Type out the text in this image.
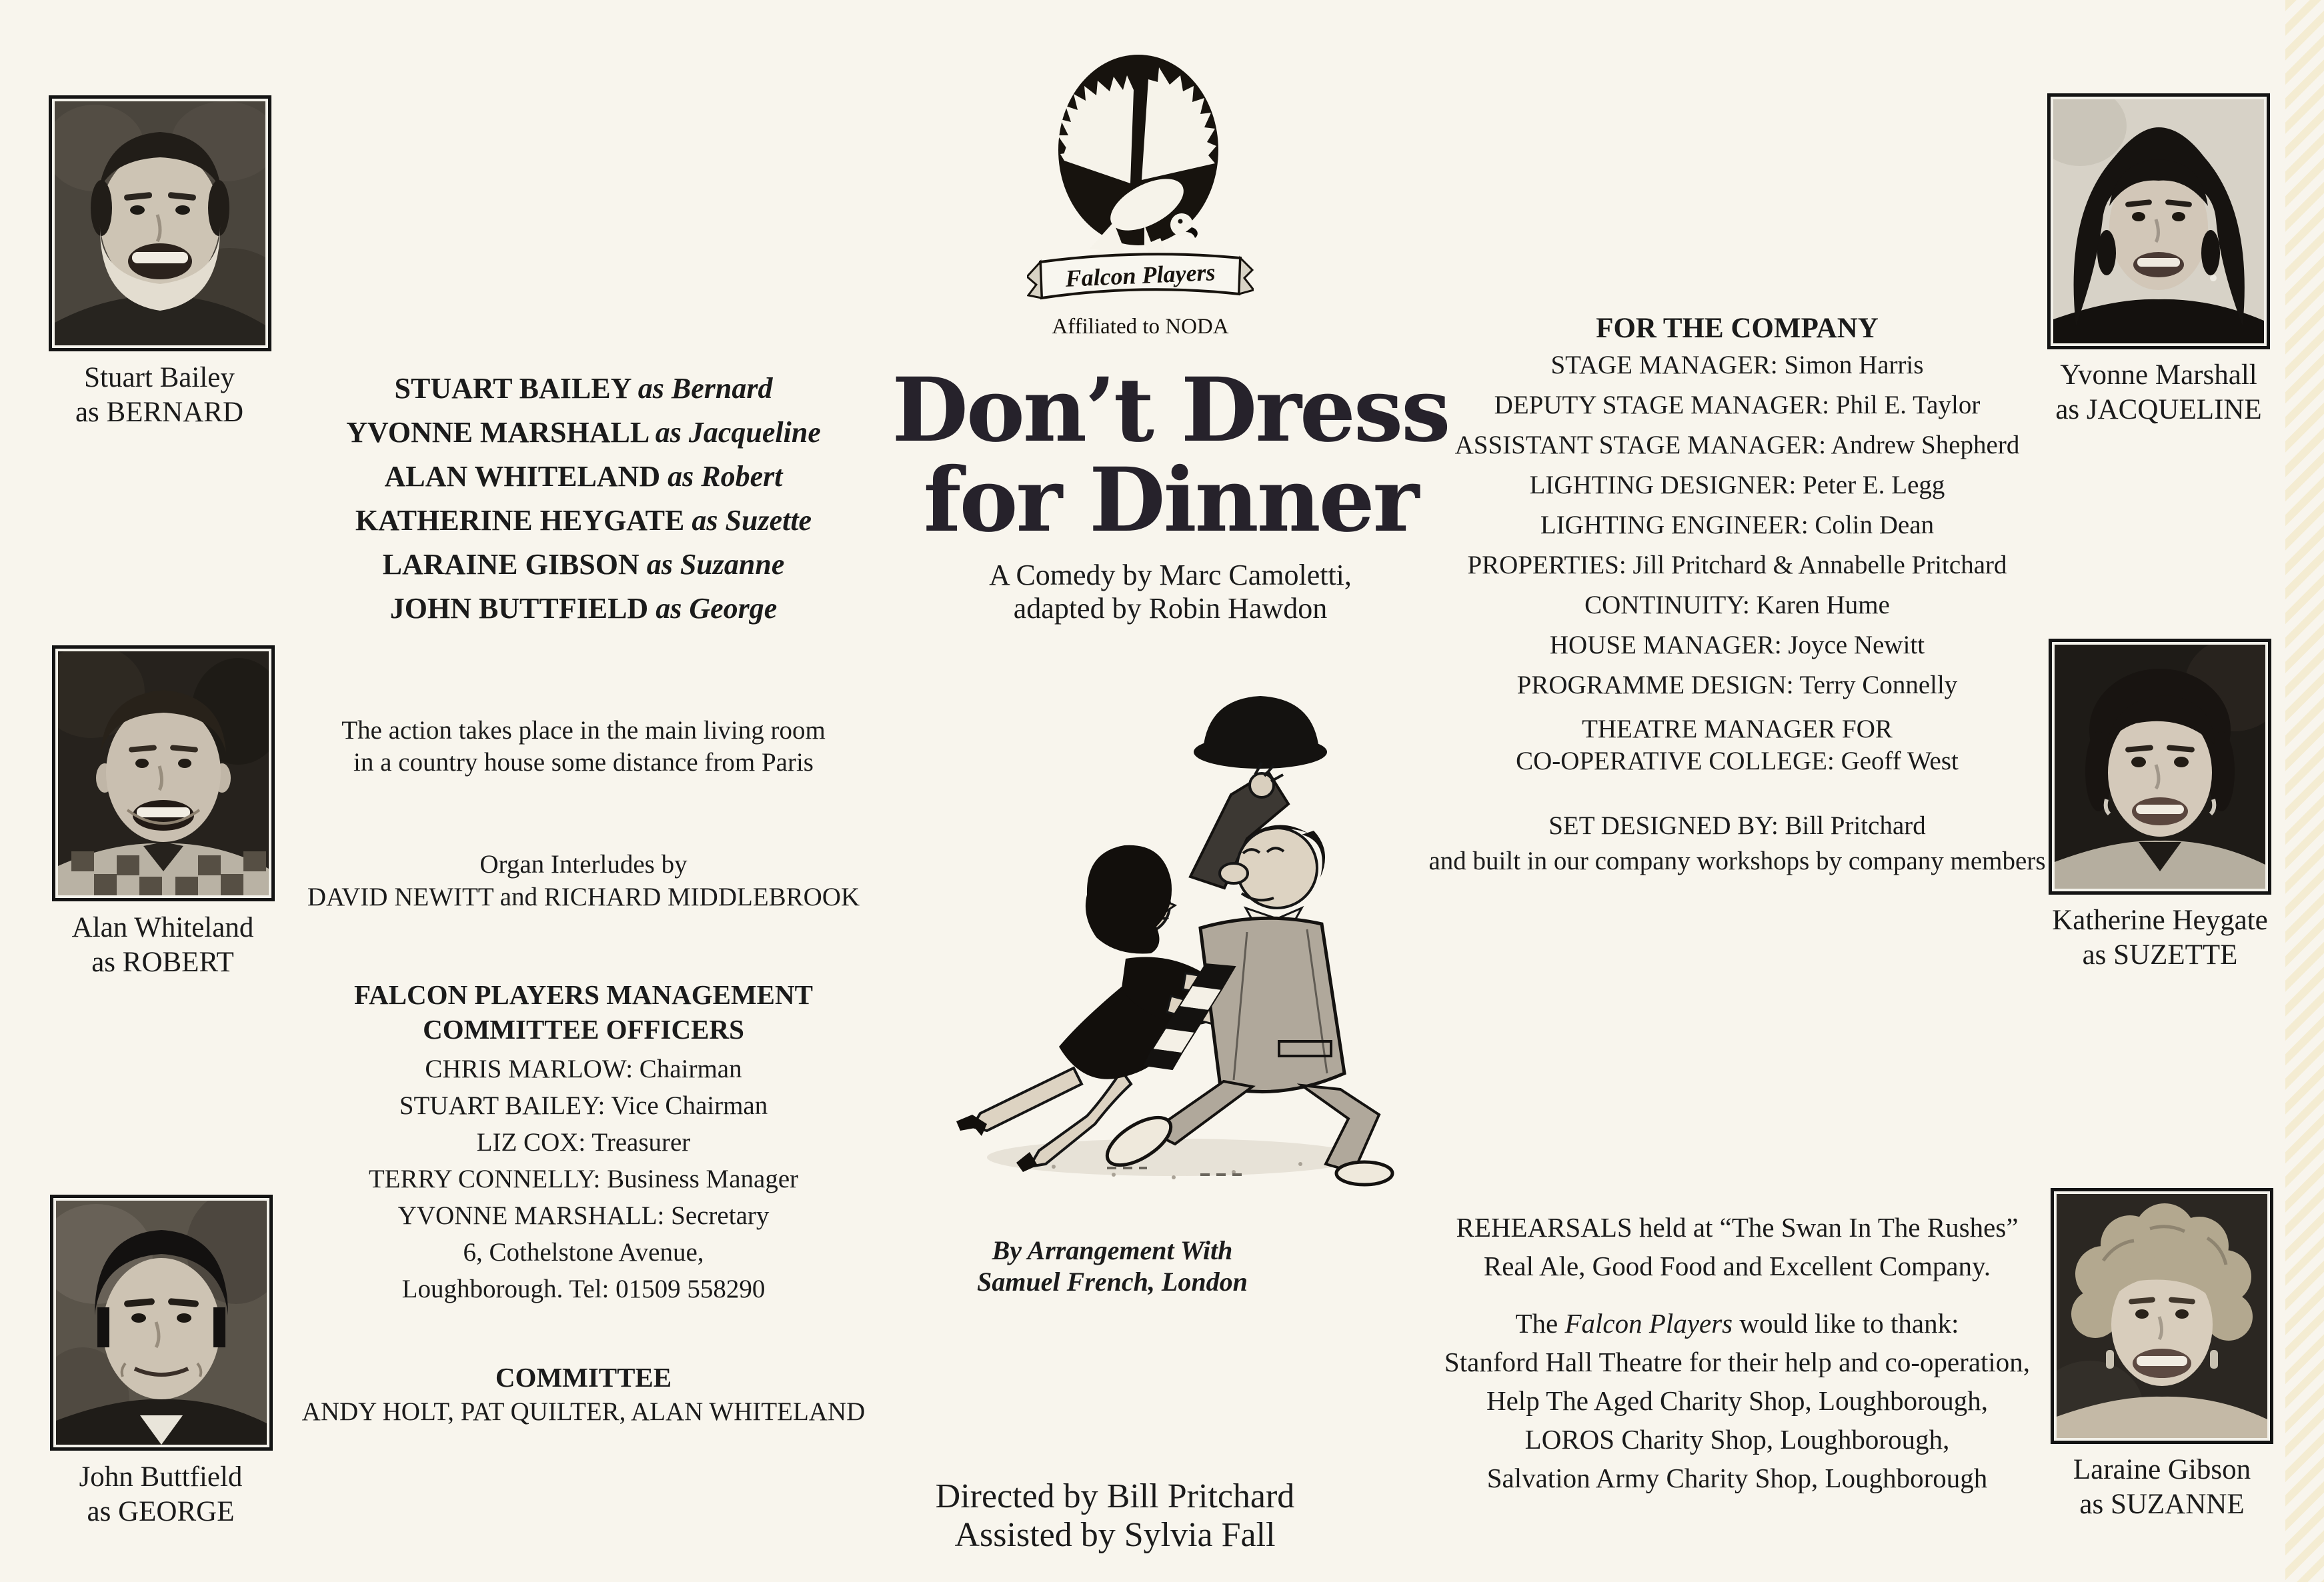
Stuart Bailey
as BERNARD
Alan Whiteland
as ROBERT
John Buttfield
as GEORGE
Yvonne Marshall
as JACQUELINE
Katherine Heygate
as SUZETTE
Laraine Gibson
as SUZANNE
STUART BAILEY as Bernard
YVONNE MARSHALL as Jacqueline
ALAN WHITELAND as Robert
KATHERINE HEYGATE as Suzette
LARAINE GIBSON as Suzanne
JOHN BUTTFIELD as George
The action takes place in the main living room
in a country house some distance from Paris
Organ Interludes by
DAVID NEWITT and RICHARD MIDDLEBROOK
FALCON PLAYERS MANAGEMENT
COMMITTEE OFFICERS
CHRIS MARLOW: Chairman
STUART BAILEY: Vice Chairman
LIZ COX: Treasurer
TERRY CONNELLY: Business Manager
YVONNE MARSHALL: Secretary
6, Cothelstone Avenue,
Loughborough. Tel: 01509 558290
COMMITTEE
ANDY HOLT, PAT QUILTER, ALAN WHITELAND
Falcon Players
Affiliated to NODA
Don’t Dress
for Dinner
A Comedy by Marc Camoletti,
adapted by Robin Hawdon
By Arrangement With
Samuel French, London
Directed by Bill Pritchard
Assisted by Sylvia Fall
FOR THE COMPANY
STAGE MANAGER: Simon Harris
DEPUTY STAGE MANAGER: Phil E. Taylor
ASSISTANT STAGE MANAGER: Andrew Shepherd
LIGHTING DESIGNER: Peter E. Legg
LIGHTING ENGINEER: Colin Dean
PROPERTIES: Jill Pritchard & Annabelle Pritchard
CONTINUITY: Karen Hume
HOUSE MANAGER: Joyce Newitt
PROGRAMME DESIGN: Terry Connelly
THEATRE MANAGER FOR
CO-OPERATIVE COLLEGE: Geoff West
SET DESIGNED BY: Bill Pritchard
and built in our company workshops by company members
REHEARSALS held at “The Swan In The Rushes”
Real Ale, Good Food and Excellent Company.
The Falcon Players would like to thank:
Stanford Hall Theatre for their help and co-operation,
Help The Aged Charity Shop, Loughborough,
LOROS Charity Shop, Loughborough,
Salvation Army Charity Shop, Loughborough
